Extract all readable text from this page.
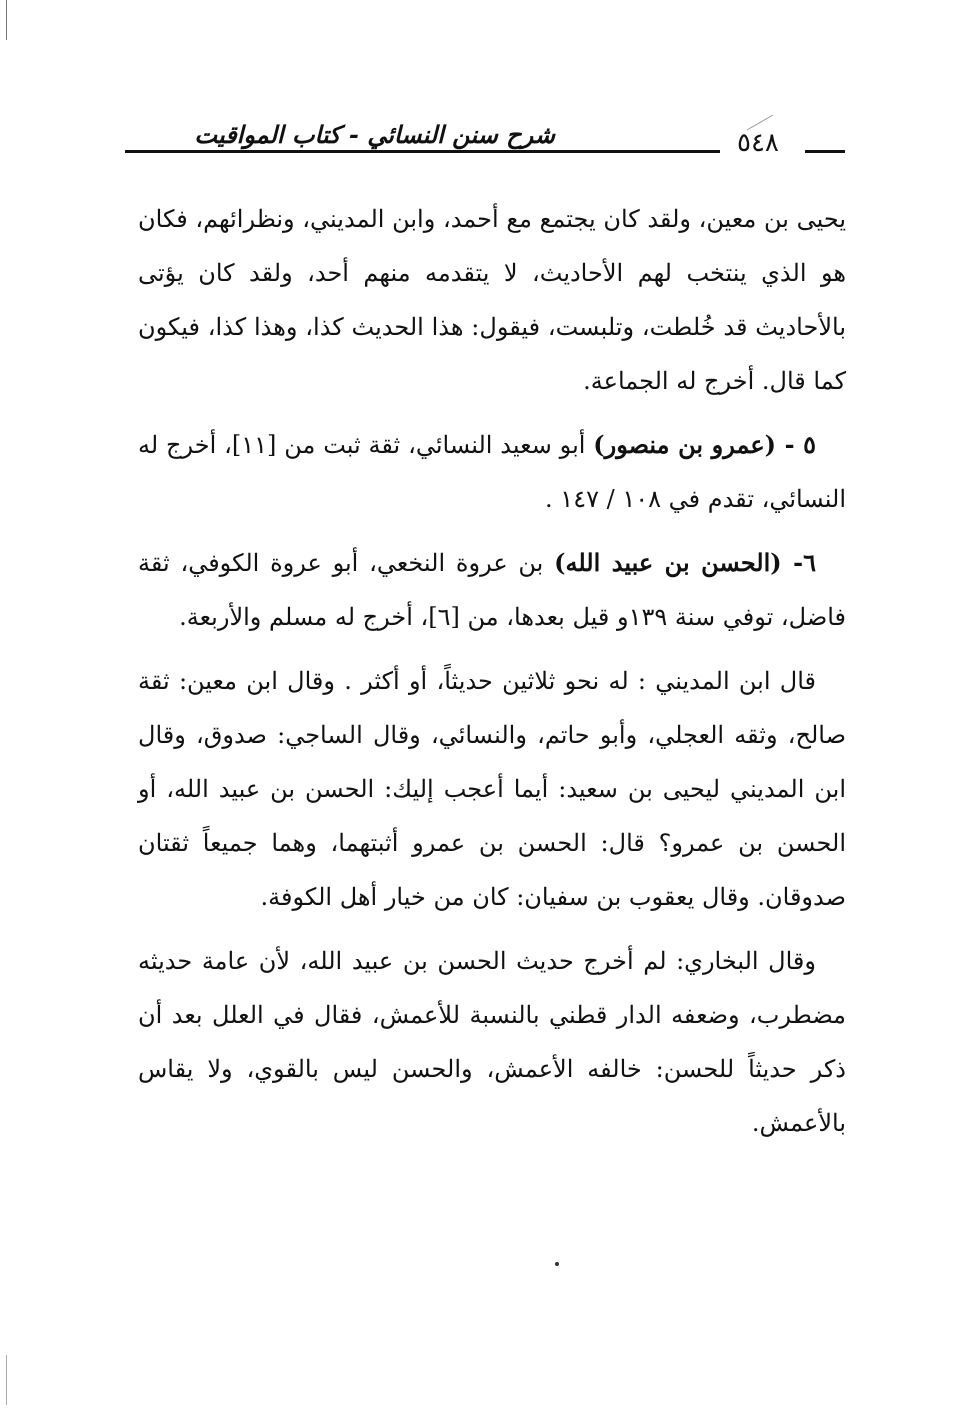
شرح سنن النسائي - كتاب المواقيت	٥٤٨

يحيى بن معين، ولقد كان يجتمع مع أحمد، وابن المديني، ونظرائهم، فكان هو الذي ينتخب لهم الأحاديث، لا يتقدمه منهم أحد، ولقد كان يؤتى بالأحاديث قد خُلطت، وتلبست، فيقول: هذا الحديث كذا، وهذا كذا، فيكون كما قال. أخرج له الجماعة.

٥ - (عمرو بن منصور) أبو سعيد النسائي، ثقة ثبت من [١١]، أخرج له النسائي، تقدم في ١٠٨ / ١٤٧ .

٦- (الحسن بن عبيد الله) بن عروة النخعي، أبو عروة الكوفي، ثقة فاضل، توفي سنة ١٣٩و قيل بعدها، من [٦]، أخرج له مسلم والأربعة.

قال ابن المديني : له نحو ثلاثين حديثاً، أو أكثر . وقال ابن معين: ثقة صالح، وثقه العجلي، وأبو حاتم، والنسائي، وقال الساجي: صدوق، وقال ابن المديني ليحيى بن سعيد: أيما أعجب إليك: الحسن بن عبيد الله، أو الحسن بن عمرو؟ قال: الحسن بن عمرو أثبتهما، وهما جميعاً ثقتان صدوقان. وقال يعقوب بن سفيان: كان من خيار أهل الكوفة.

وقال البخاري: لم أخرج حديث الحسن بن عبيد الله، لأن عامة حديثه مضطرب، وضعفه الدار قطني بالنسبة للأعمش، فقال في العلل بعد أن ذكر حديثاً للحسن: خالفه الأعمش، والحسن ليس بالقوي، ولا يقاس بالأعمش.
